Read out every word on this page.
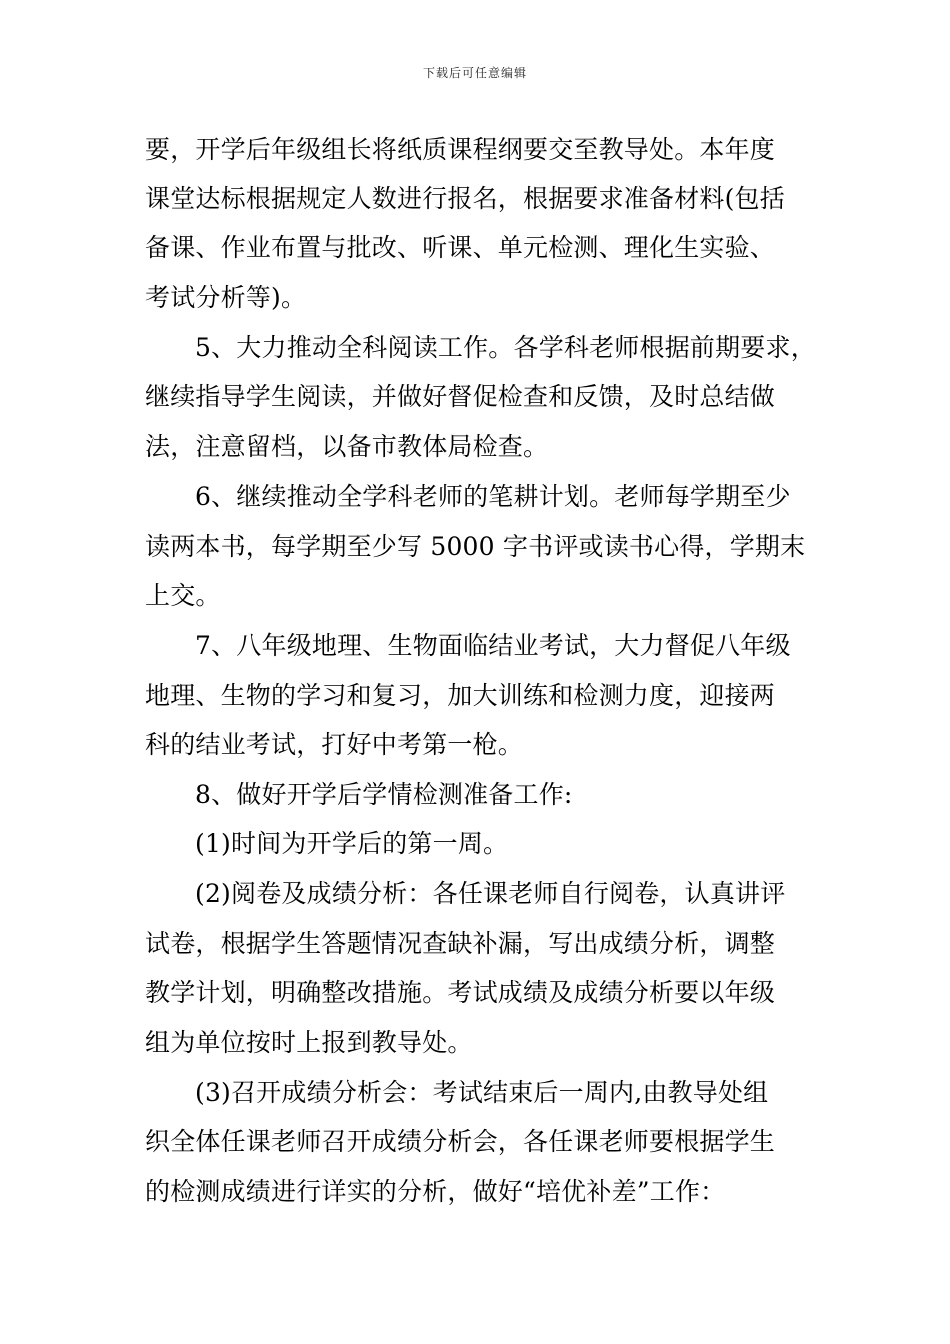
下载后可任意编辑
要，开学后年级组长将纸质课程纲要交至教导处。本年度
课堂达标根据规定人数进行报名，根据要求准备材料(包括
备课、作业布置与批改、听课、单元检测、理化生实验、
考试分析等)。
5、大力推动全科阅读工作。各学科老师根据前期要求，
继续指导学生阅读，并做好督促检查和反馈，及时总结做
法，注意留档，以备市教体局检查。
6、继续推动全学科老师的笔耕计划。老师每学期至少
读两本书，每学期至少写 5000 字书评或读书心得，学期末
上交。
7、八年级地理、生物面临结业考试，大力督促八年级
地理、生物的学习和复习，加大训练和检测力度，迎接两
科的结业考试，打好中考第一枪。
8、做好开学后学情检测准备工作:
(1)时间为开学后的第一周。
(2)阅卷及成绩分析：各任课老师自行阅卷，认真讲评
试卷，根据学生答题情况查缺补漏，写出成绩分析，调整
教学计划，明确整改措施。考试成绩及成绩分析要以年级
组为单位按时上报到教导处。
(3)召开成绩分析会：考试结束后一周内,由教导处组
织全体任课老师召开成绩分析会，各任课老师要根据学生
的检测成绩进行详实的分析，做好“培优补差”工作：
